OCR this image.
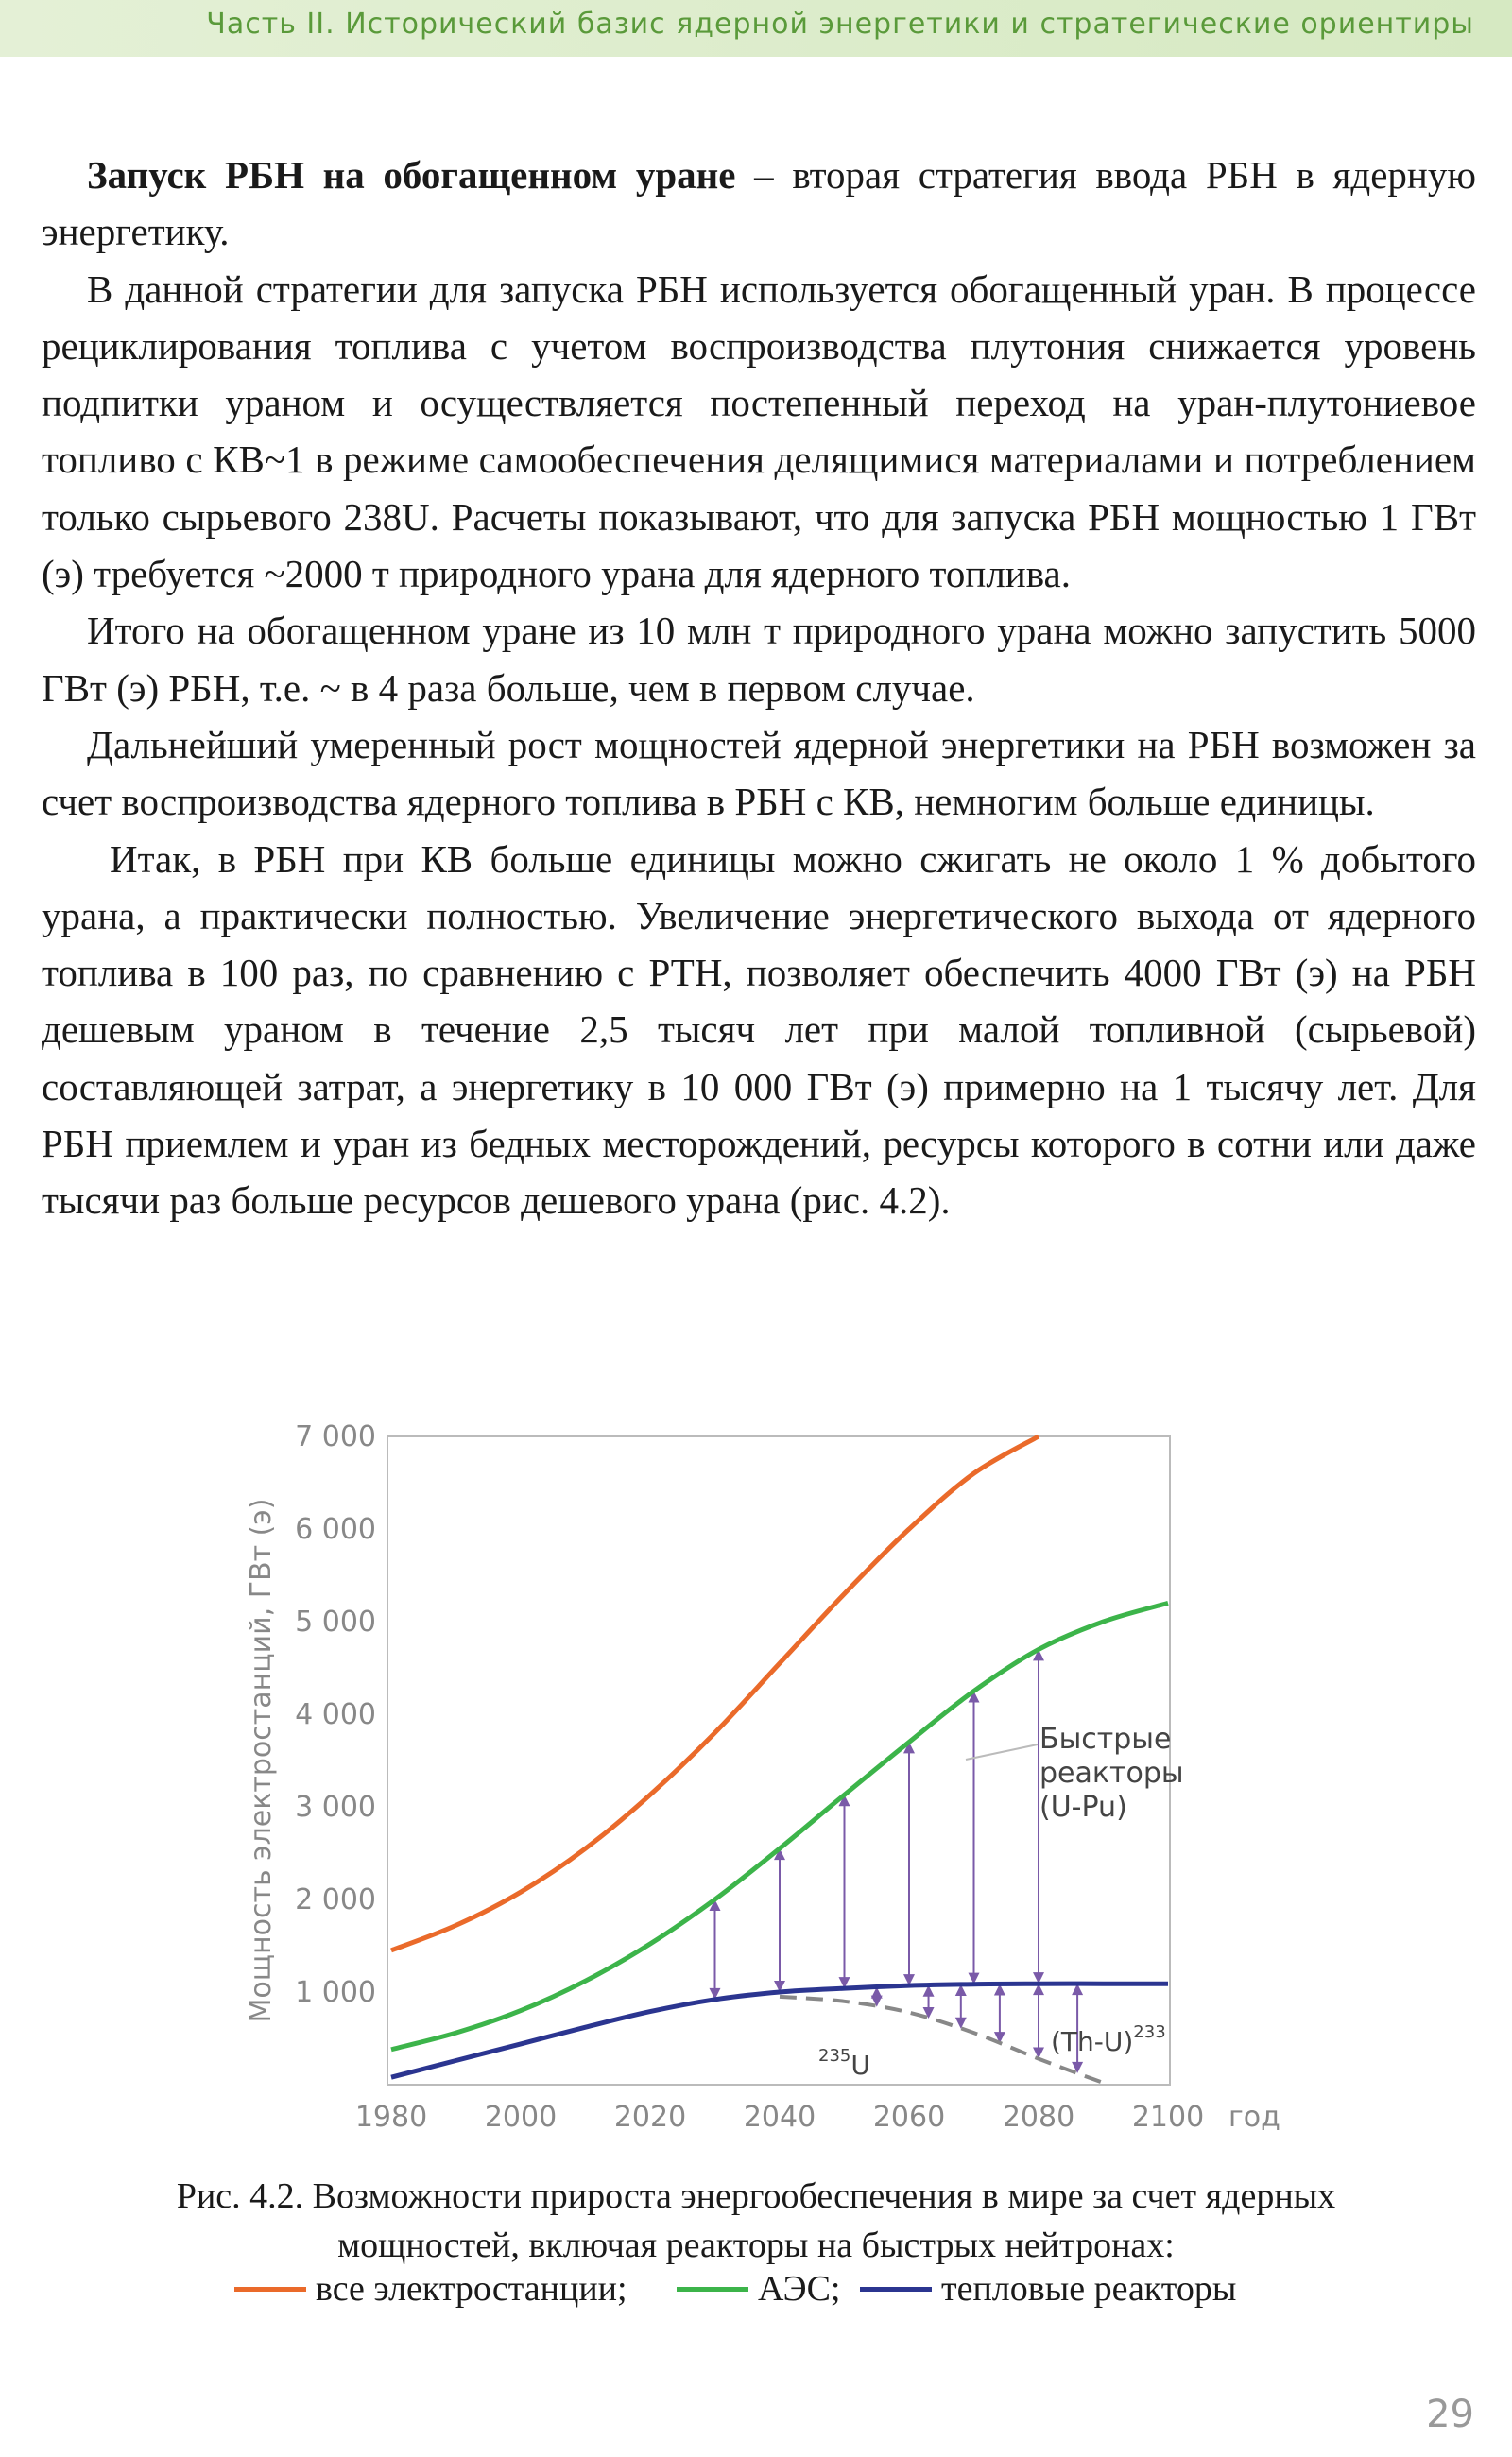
Часть II. Исторический базис ядерной энергетики и стратегические ориентиры

Запуск РБН на обогащенном уране – вторая стратегия ввода РБН в ядерную энергетику.

В данной стратегии для запуска РБН используется обогащенный уран. В процессе рециклирования топлива с учетом воспроизводства плутония снижается уровень подпитки ураном и осуществляется постепенный переход на уран-плутониевое топливо с КВ~1 в режиме самообеспечения делящимися материалами и потреблением только сырьевого 238U. Расчеты показывают, что для запуска РБН мощностью 1 ГВт (э) требуется ~2000 т природного урана для ядерного топлива.

Итого на обогащенном уране из 10 млн т природного урана можно запустить 5000 ГВт (э) РБН, т.е. ~ в 4 раза больше, чем в первом случае.

Дальнейший умеренный рост мощностей ядерной энергетики на РБН возможен за счет воспроизводства ядерного топлива в РБН с КВ, немногим больше единицы.

Итак, в РБН при КВ больше единицы можно сжигать не около 1 % добытого урана, а практически полностью. Увеличение энергетического выхода от ядерного топлива в 100 раз, по сравнению с РТН, позволяет обеспечить 4000 ГВт (э) на РБН дешевым ураном в течение 2,5 тысяч лет при малой топливной (сырьевой) составляющей затрат, а энергетику в 10 000 ГВт (э) примерно на 1 тысячу лет. Для РБН приемлем и уран из бедных месторождений, ресурсы которого в сотни или даже тысячи раз больше ресурсов дешевого урана (рис. 4.2).

1980 2000 2020 2040 2060 2080 2100
1 000
2 000
3 000
4 000
5 000
6 000
7 000
Мощность электростанций, ГВт (э)
год
Быстрые реакторы (U-Pu)
$(Th-U)^{233}$
$^{235}$U
Рис. 4.2. Возможности прироста энергообеспечения в мире за счет ядерных
мощностей, включая реакторы на быстрых нейтронах:
все электростанции;	АЭС;	тепловые реакторы
29
